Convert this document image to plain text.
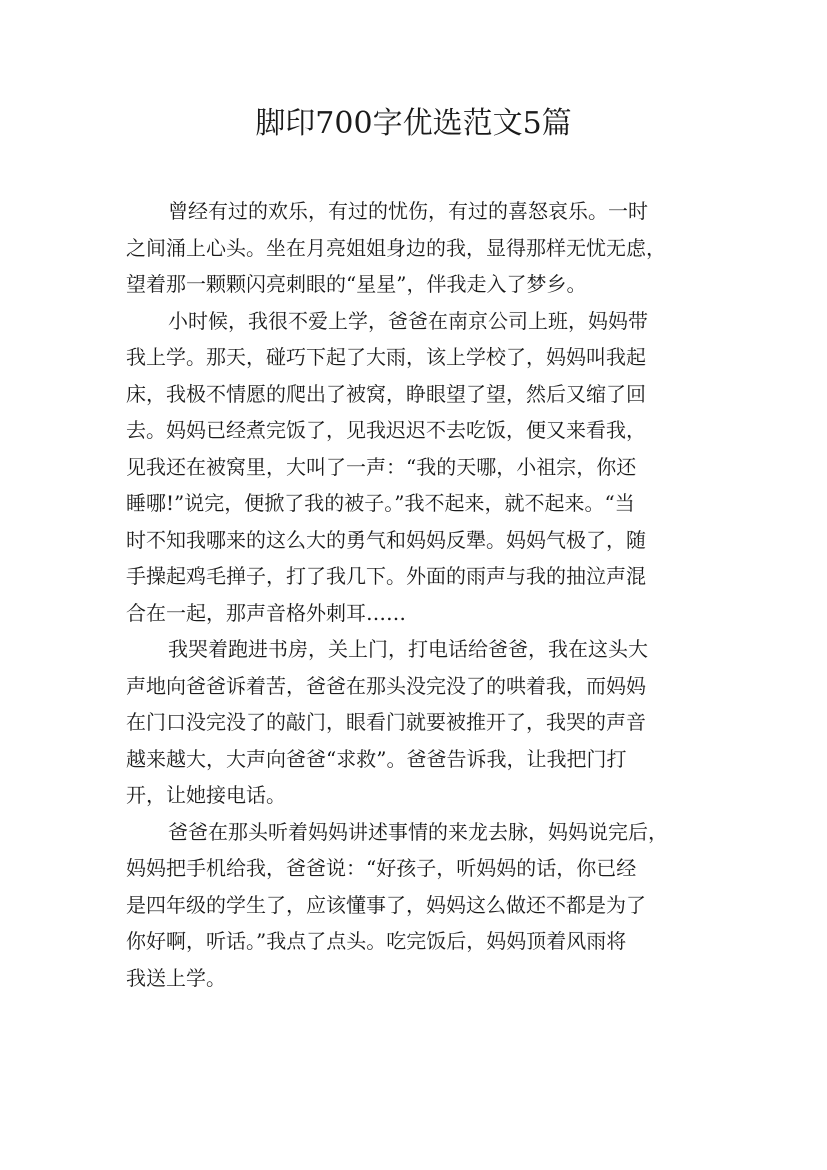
脚印700字优选范文5篇
曾经有过的欢乐，有过的忧伤，有过的喜怒哀乐。一时
之间涌上心头。坐在月亮姐姐身边的我，显得那样无忧无虑，
望着那一颗颗闪亮刺眼的“星星”，伴我走入了梦乡。
小时候，我很不爱上学，爸爸在南京公司上班，妈妈带
我上学。那天，碰巧下起了大雨，该上学校了，妈妈叫我起
床，我极不情愿的爬出了被窝，睁眼望了望，然后又缩了回
去。妈妈已经煮完饭了，见我迟迟不去吃饭，便又来看我，
见我还在被窝里，大叫了一声：“我的天哪，小祖宗，你还
睡哪!”说完，便掀了我的被子。”我不起来，就不起来。“当
时不知我哪来的这么大的勇气和妈妈反犟。妈妈气极了，随
手操起鸡毛掸子，打了我几下。外面的雨声与我的抽泣声混
合在一起，那声音格外刺耳……
我哭着跑进书房，关上门，打电话给爸爸，我在这头大
声地向爸爸诉着苦，爸爸在那头没完没了的哄着我，而妈妈
在门口没完没了的敲门，眼看门就要被推开了，我哭的声音
越来越大，大声向爸爸“求救”。爸爸告诉我，让我把门打
开，让她接电话。
爸爸在那头听着妈妈讲述事情的来龙去脉，妈妈说完后，
妈妈把手机给我，爸爸说：“好孩子，听妈妈的话，你已经
是四年级的学生了，应该懂事了，妈妈这么做还不都是为了
你好啊，听话。”我点了点头。吃完饭后，妈妈顶着风雨将
我送上学。
